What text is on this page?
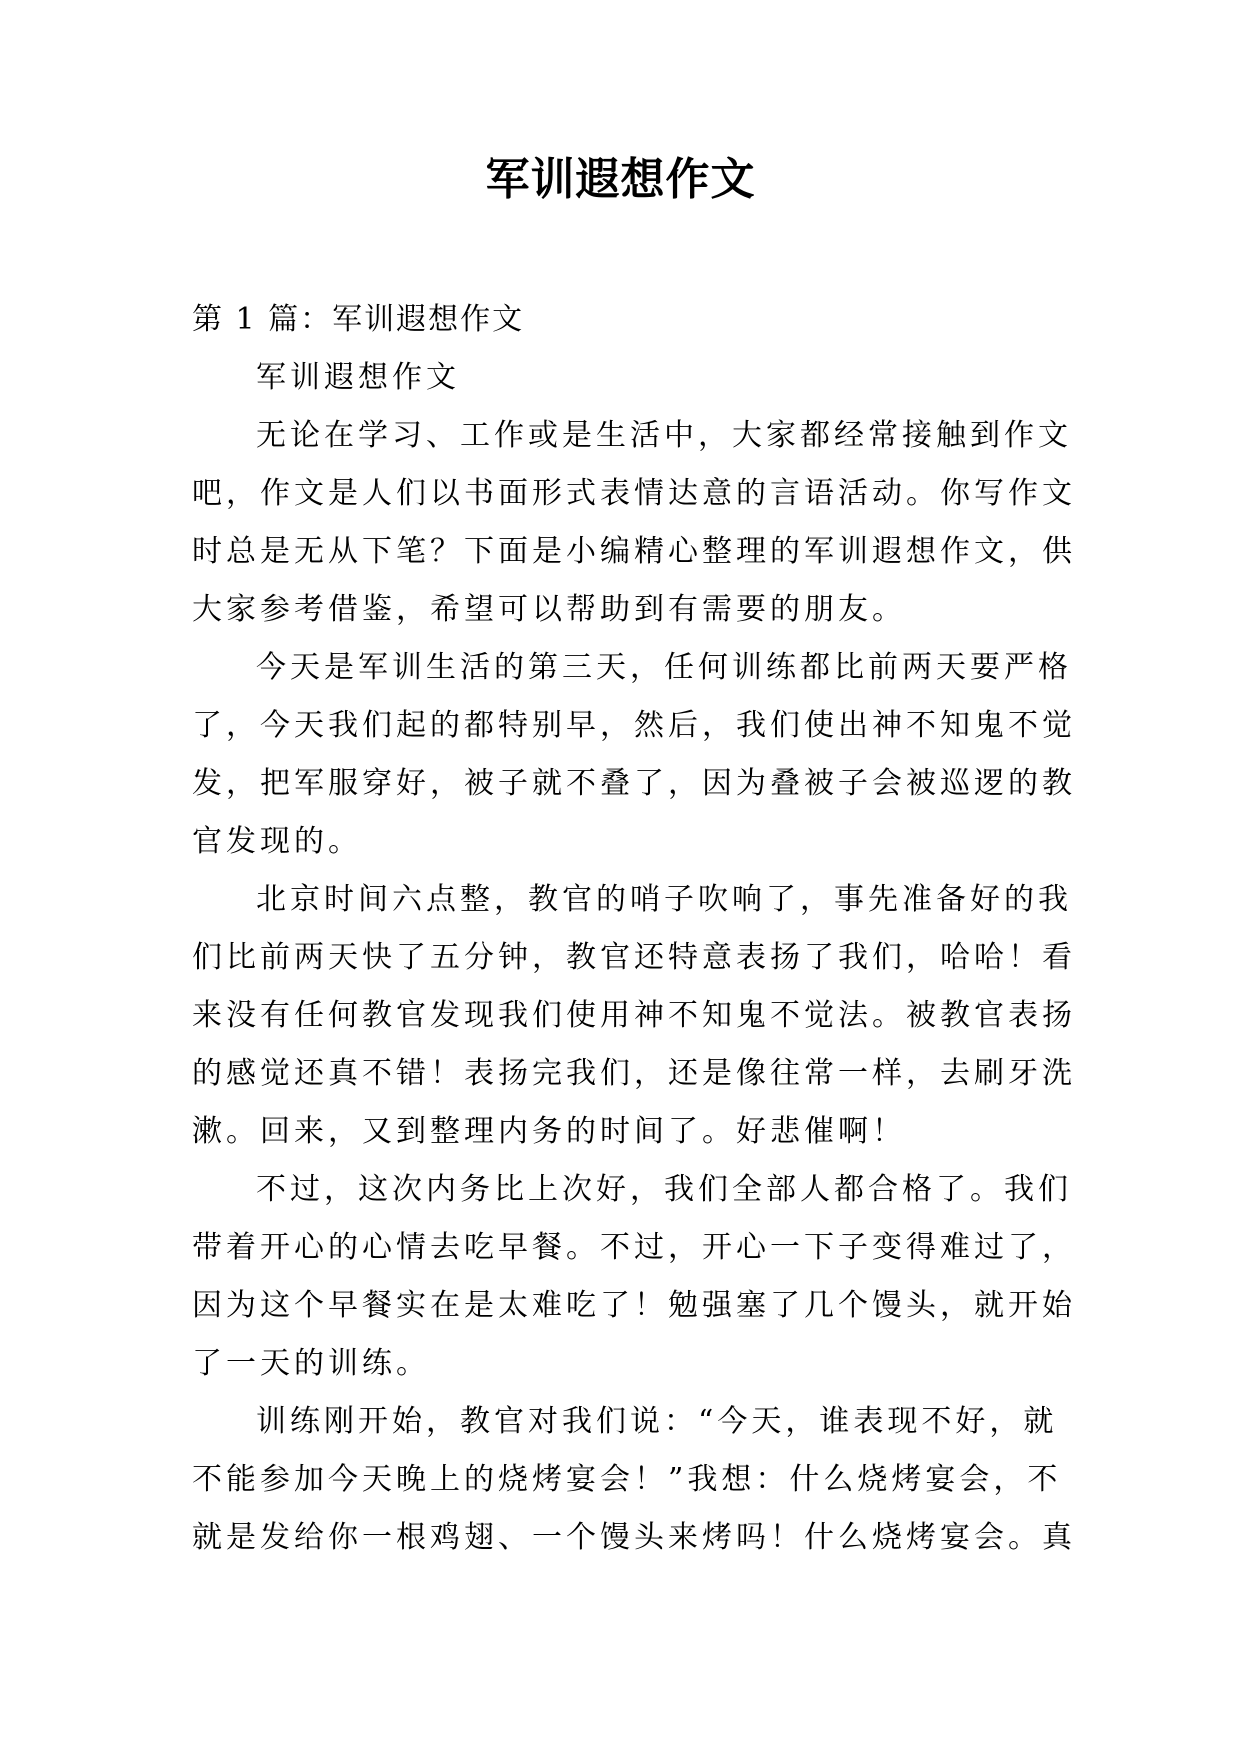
军训遐想作文
第 1 篇：军训遐想作文
军训遐想作文
无论在学习、工作或是生活中，大家都经常接触到作文
吧，作文是人们以书面形式表情达意的言语活动。你写作文
时总是无从下笔？下面是小编精心整理的军训遐想作文，供
大家参考借鉴，希望可以帮助到有需要的朋友。
今天是军训生活的第三天，任何训练都比前两天要严格
了，今天我们起的都特别早，然后，我们使出神不知鬼不觉
发，把军服穿好，被子就不叠了，因为叠被子会被巡逻的教
官发现的。
北京时间六点整，教官的哨子吹响了，事先准备好的我
们比前两天快了五分钟，教官还特意表扬了我们，哈哈！看
来没有任何教官发现我们使用神不知鬼不觉法。被教官表扬
的感觉还真不错！表扬完我们，还是像往常一样，去刷牙洗
漱。回来，又到整理内务的时间了。好悲催啊！
不过，这次内务比上次好，我们全部人都合格了。我们
带着开心的心情去吃早餐。不过，开心一下子变得难过了，
因为这个早餐实在是太难吃了！勉强塞了几个馒头，就开始
了一天的训练。
训练刚开始，教官对我们说：“今天，谁表现不好，就
不能参加今天晚上的烧烤宴会！”我想：什么烧烤宴会，不
就是发给你一根鸡翅、一个馒头来烤吗！什么烧烤宴会。真
